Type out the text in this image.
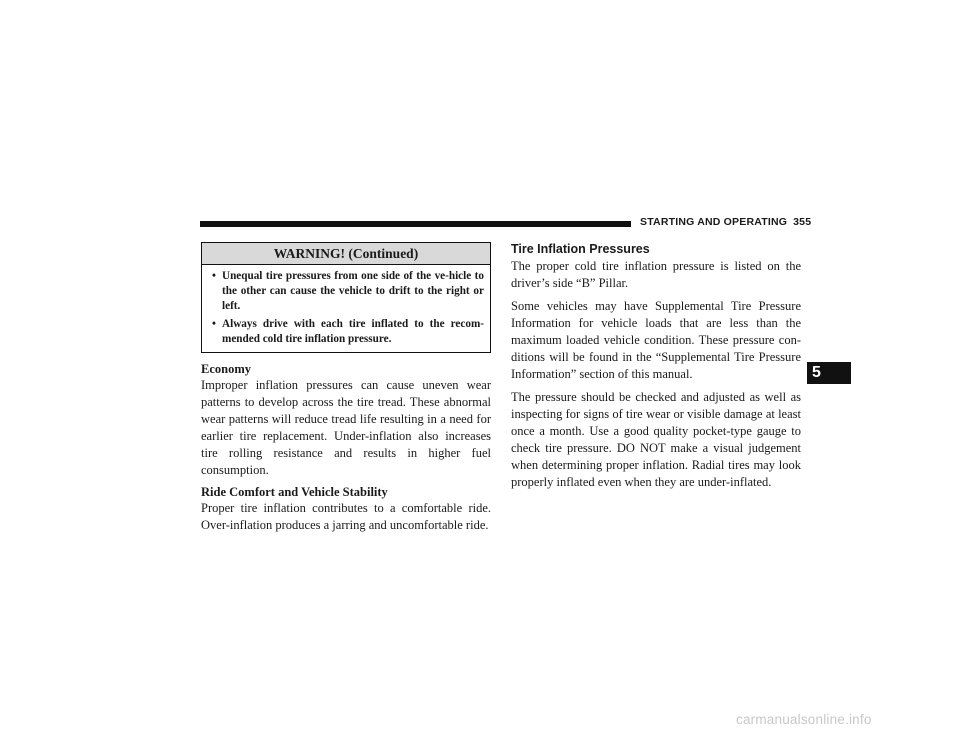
STARTING AND OPERATING 355
WARNING! (Continued)
• Unequal tire pressures from one side of the ve-hicle to the other can cause the vehicle to drift to the right or left.
• Always drive with each tire inflated to the recom-mended cold tire inflation pressure.
Economy

Improper inflation pressures can cause uneven wear patterns to develop across the tire tread. These abnormal wear patterns will reduce tread life resulting in a need for earlier tire replacement. Under-inflation also increases tire rolling resistance and results in higher fuel consumption.

Ride Comfort and Vehicle Stability

Proper tire inflation contributes to a comfortable ride. Over-inflation produces a jarring and uncomfortable ride.

Tire Inflation Pressures

The proper cold tire inflation pressure is listed on the driver’s side “B” Pillar.

Some vehicles may have Supplemental Tire Pressure Information for vehicle loads that are less than the maximum loaded vehicle condition. These pressure con-ditions will be found in the “Supplemental Tire Pressure Information” section of this manual.

The pressure should be checked and adjusted as well as inspecting for signs of tire wear or visible damage at least once a month. Use a good quality pocket-type gauge to check tire pressure. DO NOT make a visual judgement when determining proper inflation. Radial tires may look properly inflated even when they are under-inflated.

5
carmanualsonline.info
